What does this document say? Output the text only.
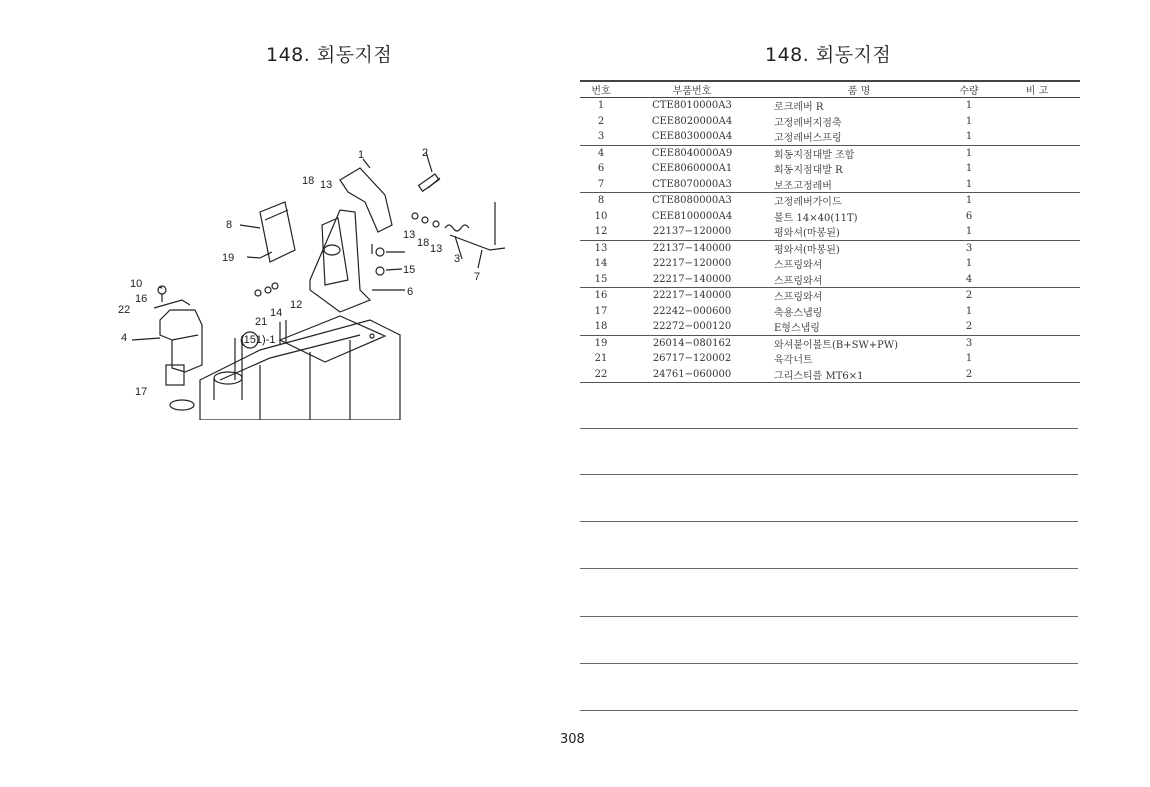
148. 회동지점	148. 회동지점
1	2
3
4
6
7
8
10
12
13
13
13
14
15
16
17
18
18
19
21
22
(151)-1
번호	부품번호	품 명	수량	비 고
1	CTE8010000A3	로크레버 R	1	
2	CEE8020000A4	고정레버지점축	1	
3	CEE8030000A4	고정레버스프링	1	
4	CEE8040000A9	회동지점대발 조합	1	
6	CEE8060000A1	회동지점대발 R	1	
7	CTE8070000A3	보조고정레버	1	
8	CTE8080000A3	고정레버가이드	1	
10	CEE8100000A4	볼트 14×40(11T)	6	
12	22137−120000	평와셔(마봉된)	1	
13	22137−140000	평와셔(마봉된)	3	
14	22217−120000	스프링와셔	1	
15	22217−140000	스프링와셔	4	
16	22217−140000	스프링와셔	2	
17	22242−000600	축용스냅링	1	
18	22272−000120	E형스냅링	2	
19	26014−080162	와셔붙이볼트(B+SW+PW)	3	
21	26717−120002	육각너트	1	
22	24761−060000	그리스티플 MT6×1	2	
308
